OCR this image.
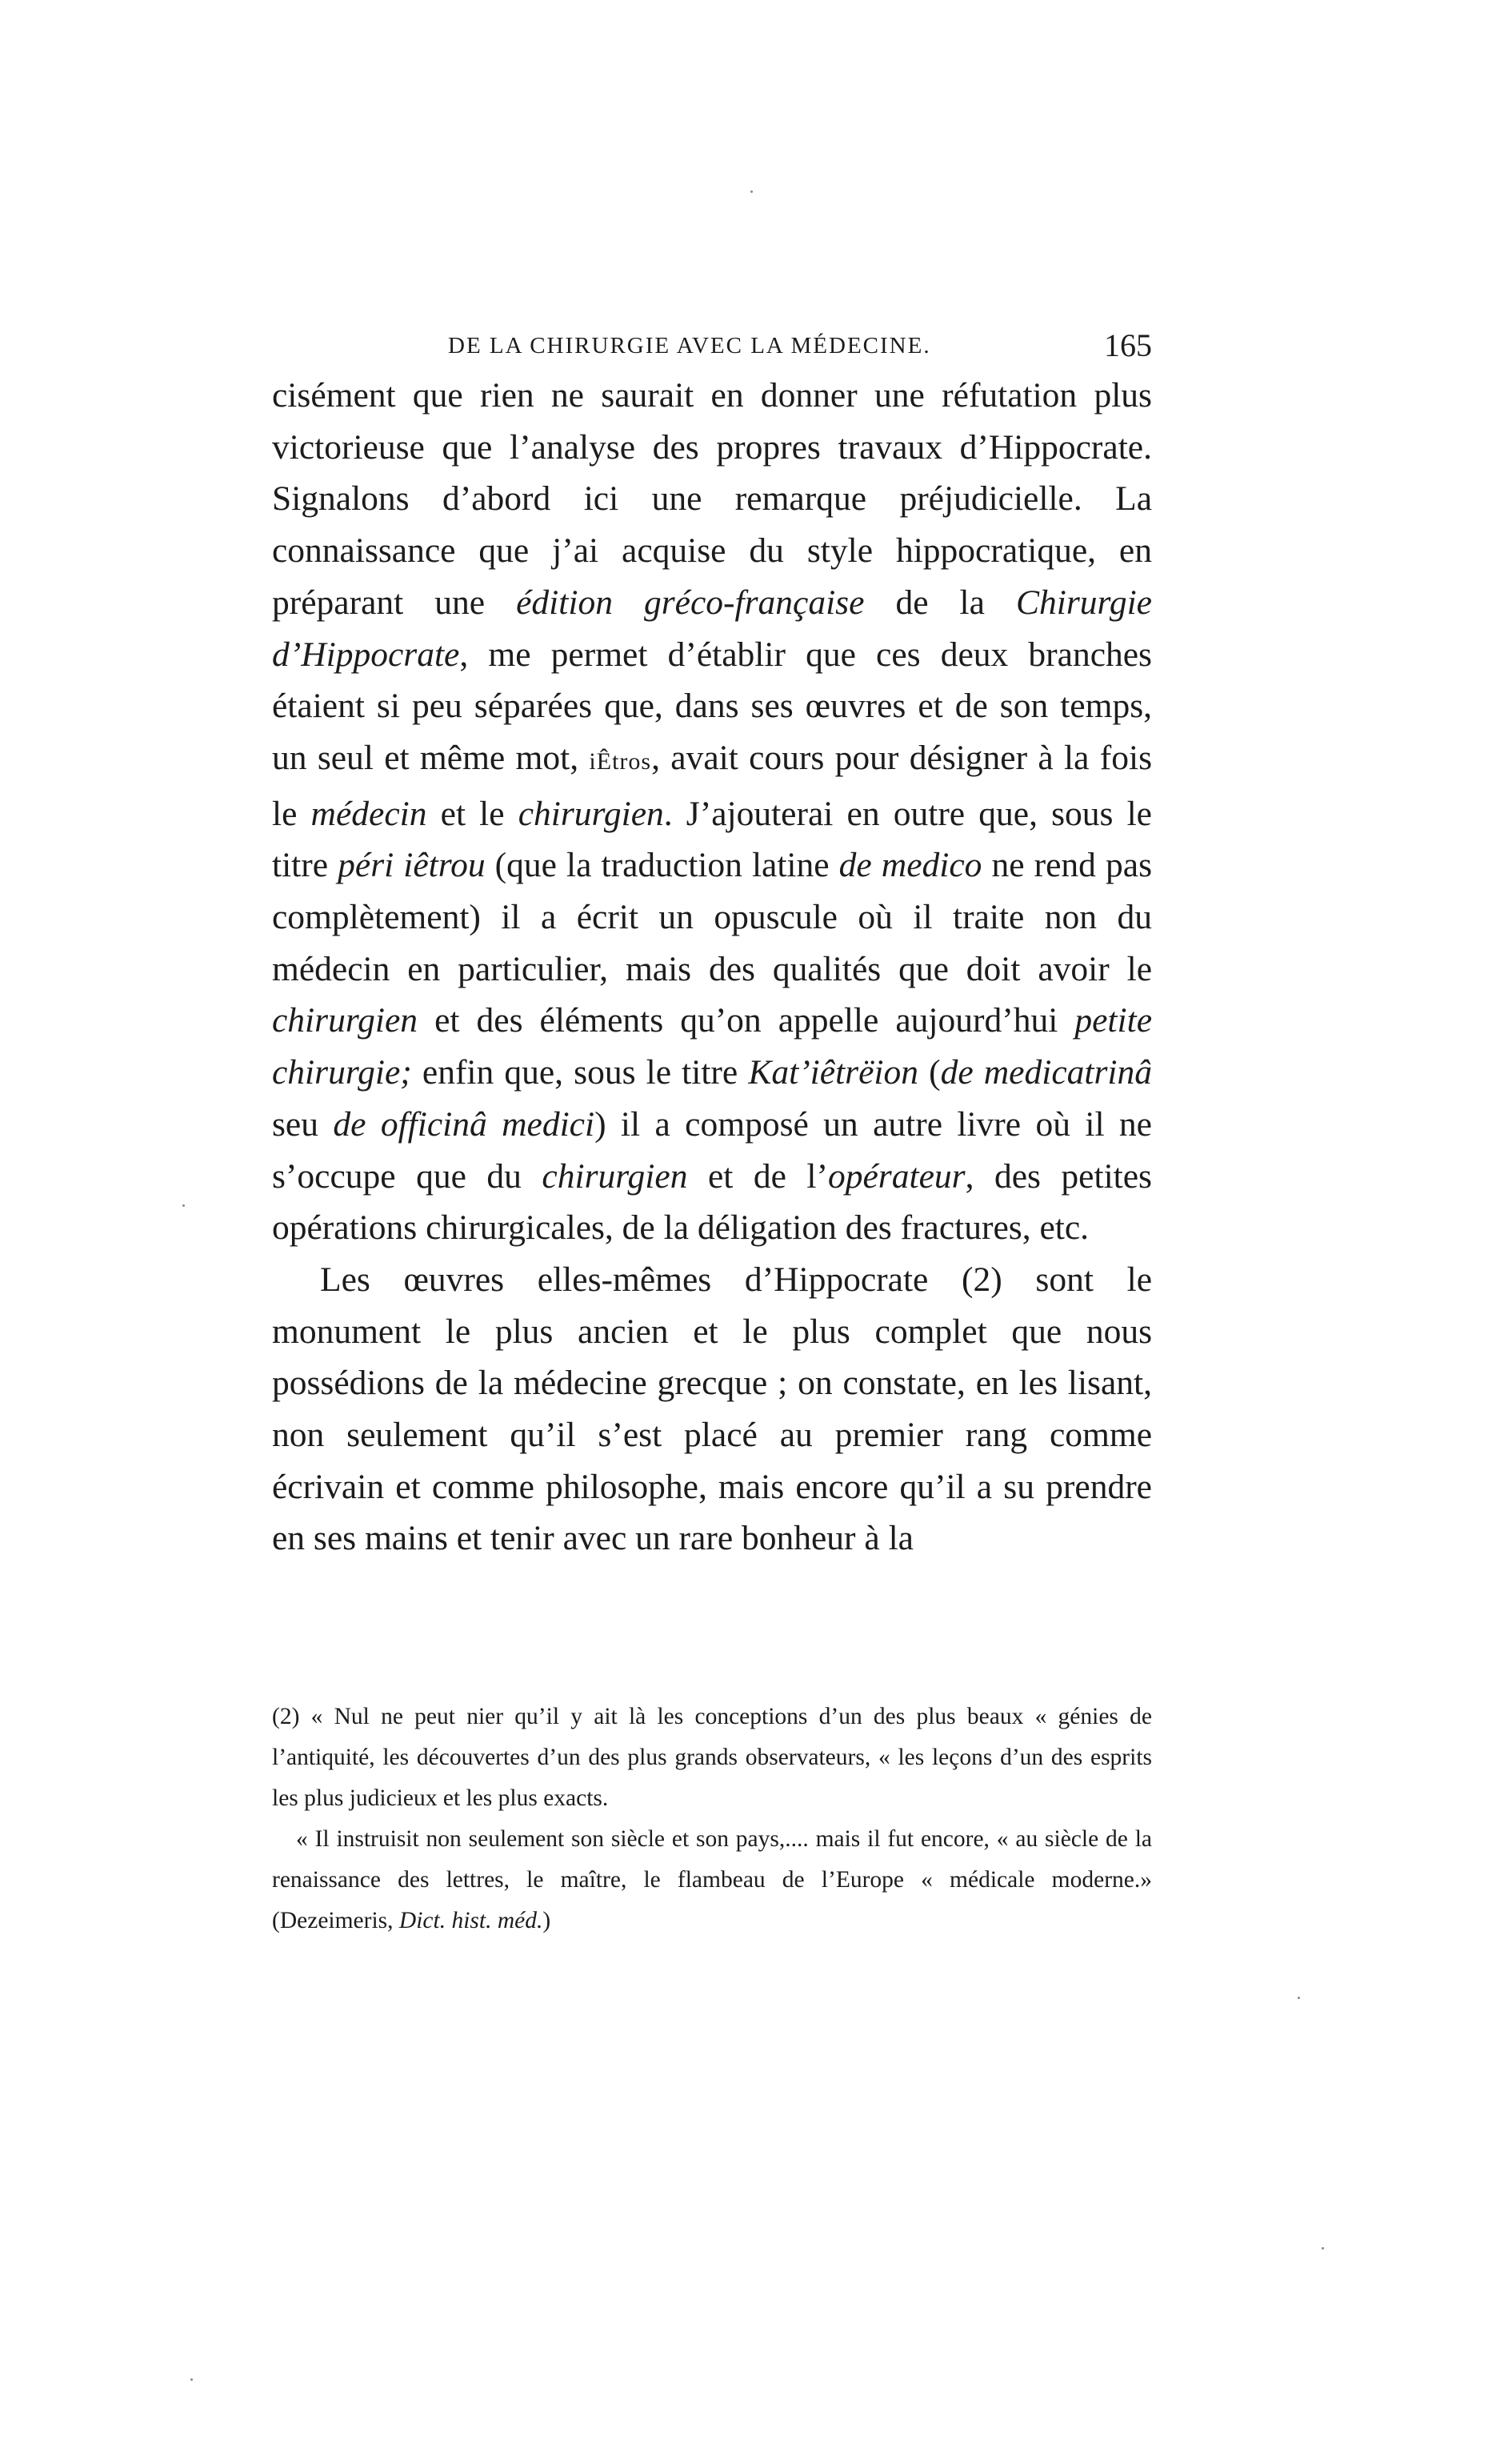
DE LA CHIRURGIE AVEC LA MÉDECINE.	165

cisément que rien ne saurait en donner une réfutation plus victorieuse que l’analyse des propres travaux d’Hippocrate. Signalons d’abord ici une remarque préjudicielle. La connaissance que j’ai acquise du style hippocratique, en préparant une édition gréco-française de la Chirurgie d’Hippocrate, me permet d’établir que ces deux branches étaient si peu séparées que, dans ses œuvres et de son temps, un seul et même mot, iÊtros, avait cours pour désigner à la fois le médecin et le chirurgien. J’ajouterai en outre que, sous le titre péri iêtrou (que la traduction latine de medico ne rend pas complètement) il a écrit un opuscule où il traite non du médecin en particulier, mais des qualités que doit avoir le chirurgien et des éléments qu’on appelle aujourd’hui petite chirurgie; enfin que, sous le titre Kat’iêtrëion (de medicatrinâ seu de officinâ medici) il a composé un autre livre où il ne s’occupe que du chirurgien et de l’opérateur, des petites opérations chirurgicales, de la déligation des fractures, etc.

Les œuvres elles-mêmes d’Hippocrate (2) sont le monument le plus ancien et le plus complet que nous possédions de la médecine grecque ; on constate, en les lisant, non seulement qu’il s’est placé au premier rang comme écrivain et comme philosophe, mais encore qu’il a su prendre en ses mains et tenir avec un rare bonheur à la

(2) « Nul ne peut nier qu’il y ait là les conceptions d’un des plus beaux « génies de l’antiquité, les découvertes d’un des plus grands observateurs, « les leçons d’un des esprits les plus judicieux et les plus exacts.

« Il instruisit non seulement son siècle et son pays,.... mais il fut encore, « au siècle de la renaissance des lettres, le maître, le flambeau de l’Europe « médicale moderne.» (Dezeimeris, Dict. hist. méd.)
